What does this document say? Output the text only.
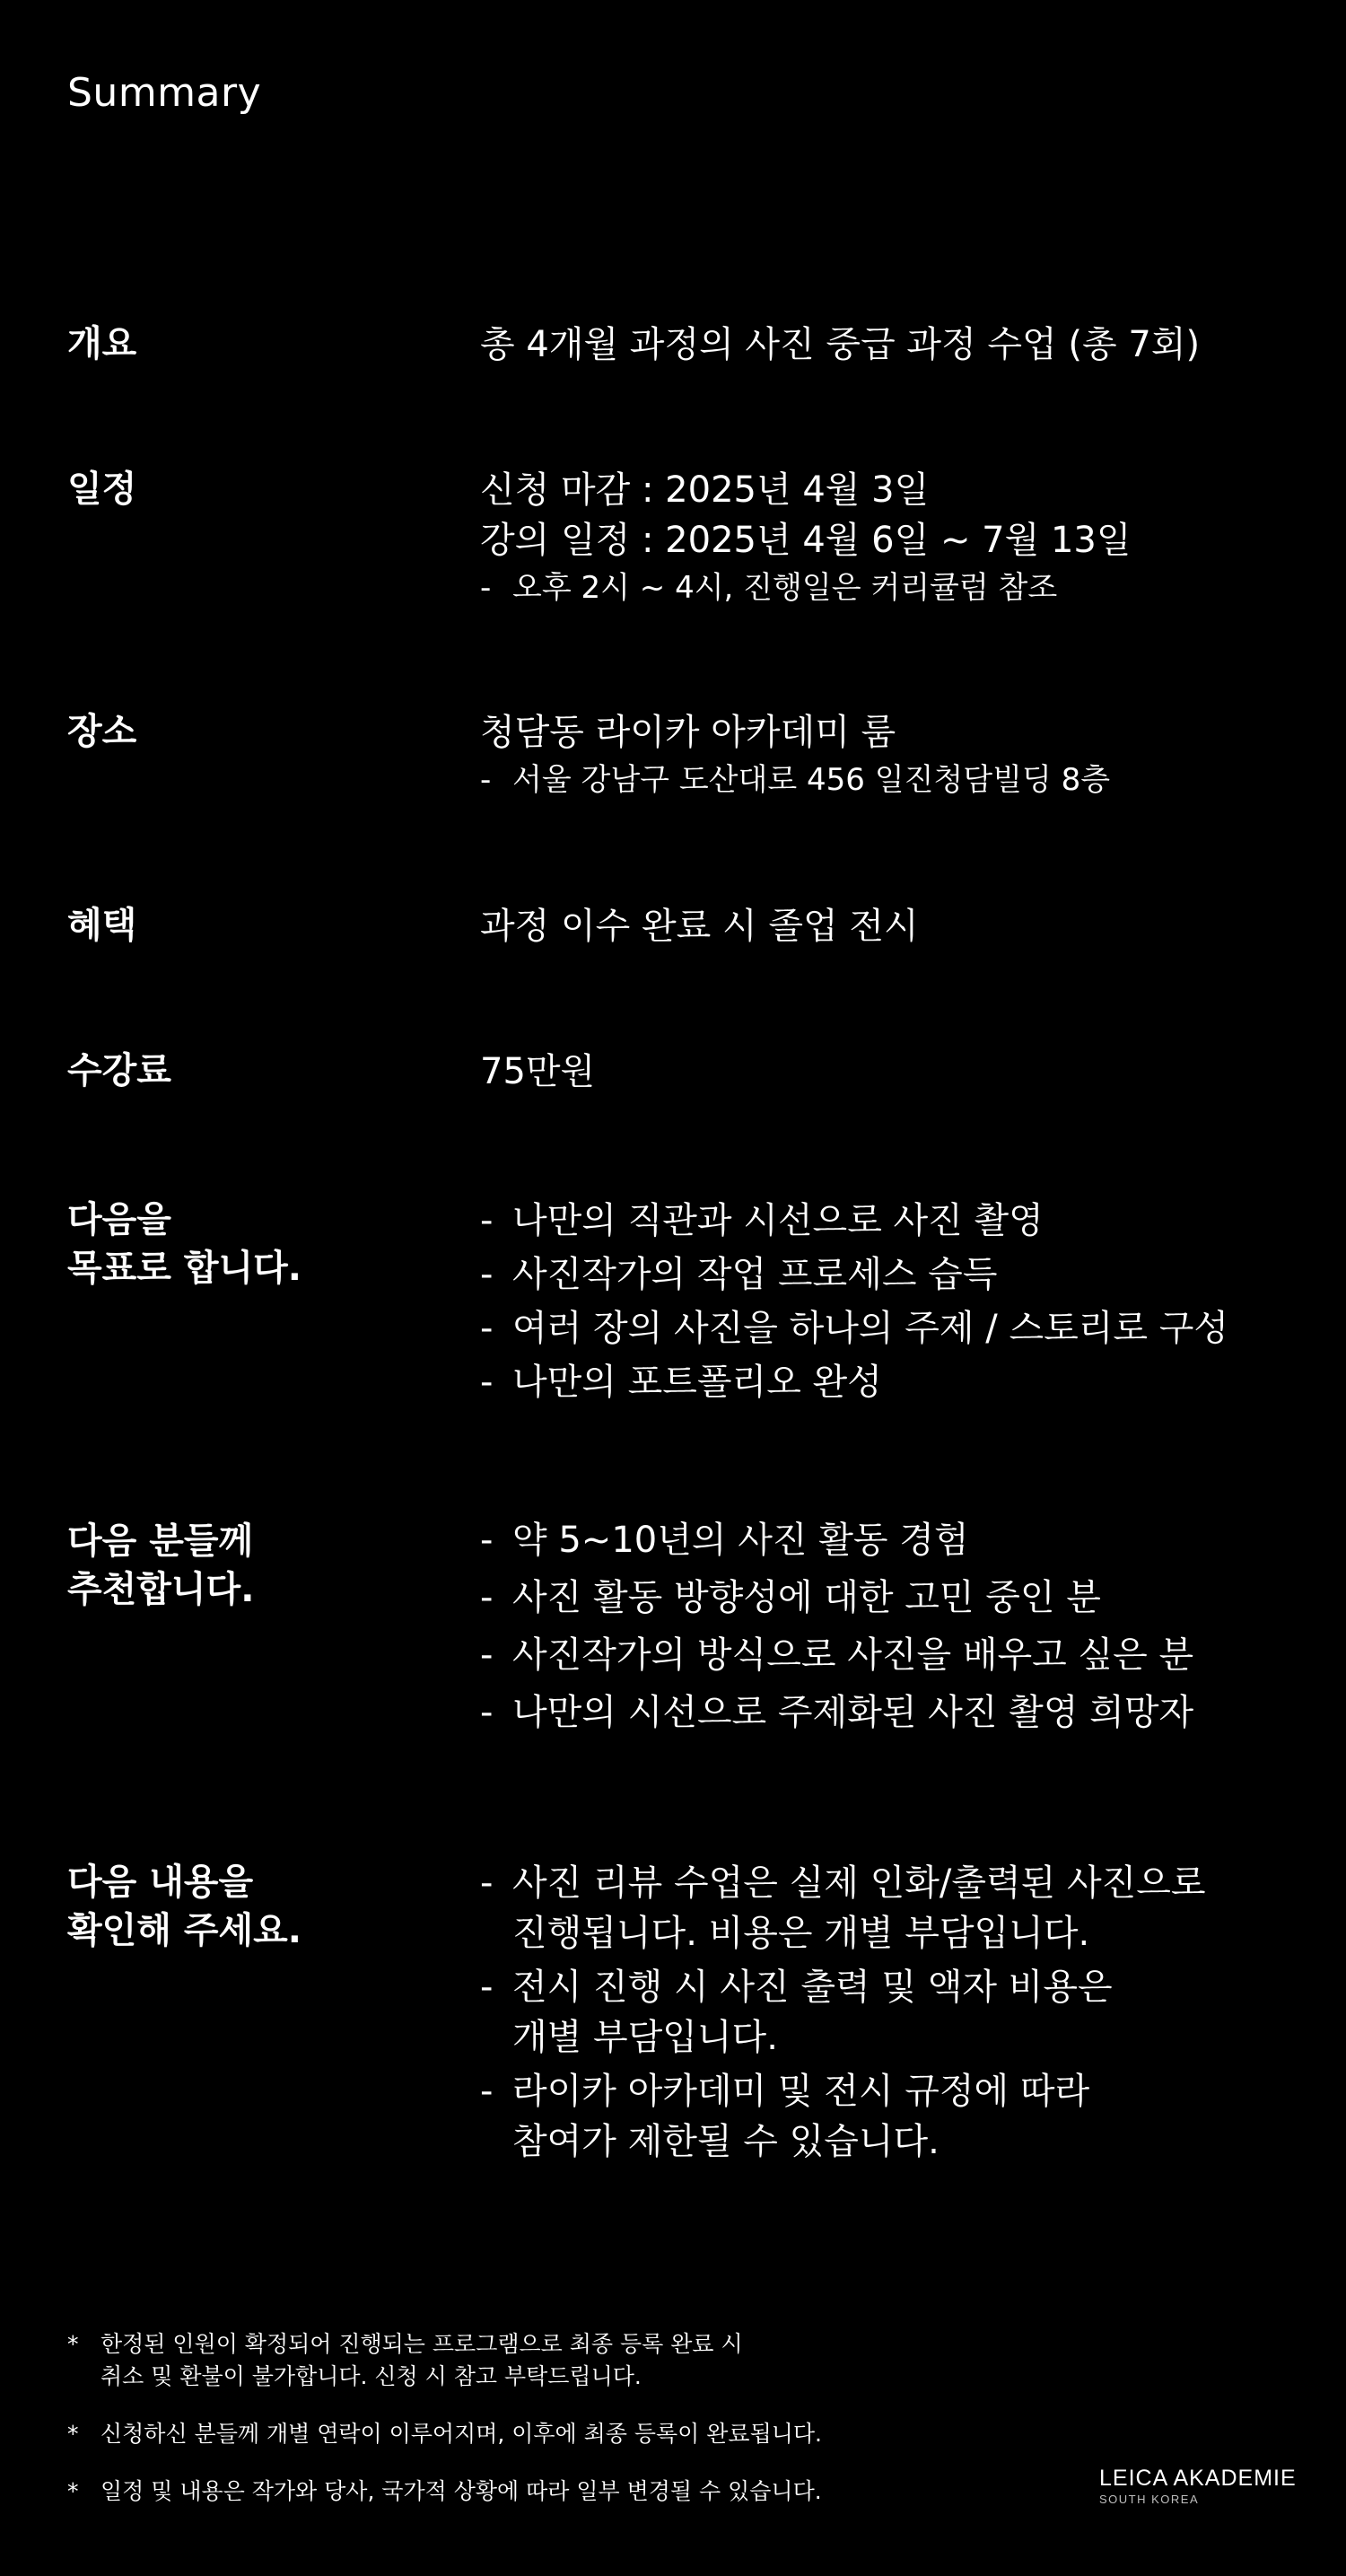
Summary
개요	총 4개월 과정의 사진 중급 과정 수업 (총 7회)
일정	신청 마감 : 2025년 4월 3일
강의 일정 : 2025년 4월 6일 ~ 7월 13일
- 오후 2시 ~ 4시, 진행일은 커리큘럼 참조
장소	청담동 라이카 아카데미 룸
- 서울 강남구 도산대로 456 일진청담빌딩 8층
혜택	과정 이수 완료 시 졸업 전시
수강료	75만원
다음을
목표로 합니다.
- 나만의 직관과 시선으로 사진 촬영
- 사진작가의 작업 프로세스 습득
- 여러 장의 사진을 하나의 주제 / 스토리로 구성
- 나만의 포트폴리오 완성
다음 분들께
추천합니다.
- 약 5~10년의 사진 활동 경험
- 사진 활동 방향성에 대한 고민 중인 분
- 사진작가의 방식으로 사진을 배우고 싶은 분
- 나만의 시선으로 주제화된 사진 촬영 희망자
다음 내용을
확인해 주세요.
- 사진 리뷰 수업은 실제 인화/출력된 사진으로
진행됩니다. 비용은 개별 부담입니다.
- 전시 진행 시 사진 출력 및 액자 비용은
개별 부담입니다.
- 라이카 아카데미 및 전시 규정에 따라
참여가 제한될 수 있습니다.
* 한정된 인원이 확정되어 진행되는 프로그램으로 최종 등록 완료 시
취소 및 환불이 불가합니다. 신청 시 참고 부탁드립니다.
* 신청하신 분들께 개별 연락이 이루어지며, 이후에 최종 등록이 완료됩니다.
* 일정 및 내용은 작가와 당사, 국가적 상황에 따라 일부 변경될 수 있습니다.	LEICA AKADEMIE
SOUTH KOREA
